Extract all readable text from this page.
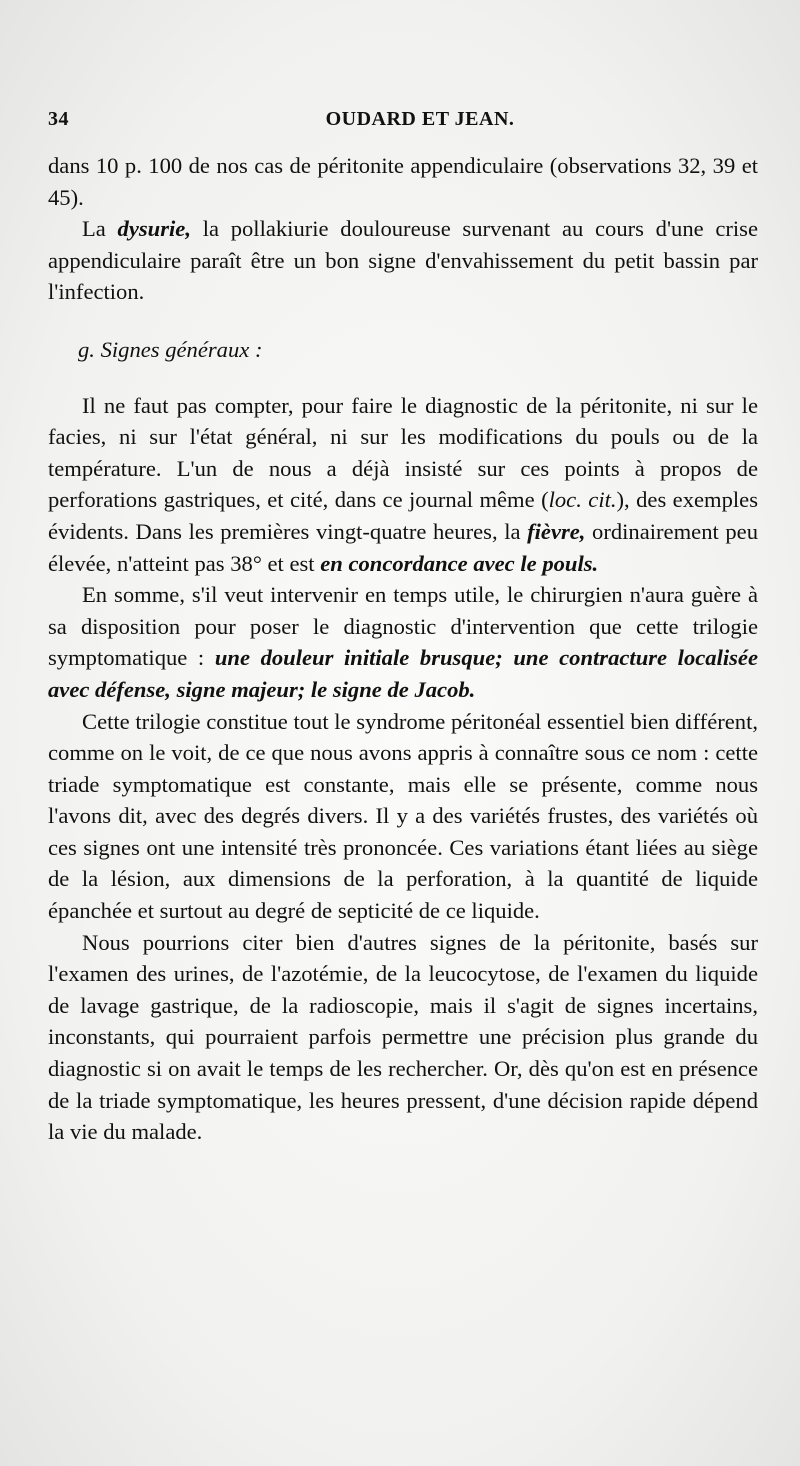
34	OUDARD ET JEAN.

dans 10 p. 100 de nos cas de péritonite appendiculaire (observations 32, 39 et 45).

La dysurie, la pollakiurie douloureuse survenant au cours d'une crise appendiculaire paraît être un bon signe d'envahissement du petit bassin par l'infection.

g. Signes généraux :

Il ne faut pas compter, pour faire le diagnostic de la péritonite, ni sur le facies, ni sur l'état général, ni sur les modifications du pouls ou de la température. L'un de nous a déjà insisté sur ces points à propos de perforations gastriques, et cité, dans ce journal même (loc. cit.), des exemples évidents. Dans les premières vingt-quatre heures, la fièvre, ordinairement peu élevée, n'atteint pas 38° et est en concordance avec le pouls.

En somme, s'il veut intervenir en temps utile, le chirurgien n'aura guère à sa disposition pour poser le diagnostic d'intervention que cette trilogie symptomatique : une douleur initiale brusque; une contracture localisée avec défense, signe majeur; le signe de Jacob.

Cette trilogie constitue tout le syndrome péritonéal essentiel bien différent, comme on le voit, de ce que nous avons appris à connaître sous ce nom : cette triade symptomatique est constante, mais elle se présente, comme nous l'avons dit, avec des degrés divers. Il y a des variétés frustes, des variétés où ces signes ont une intensité très prononcée. Ces variations étant liées au siège de la lésion, aux dimensions de la perforation, à la quantité de liquide épanchée et surtout au degré de septicité de ce liquide.

Nous pourrions citer bien d'autres signes de la péritonite, basés sur l'examen des urines, de l'azotémie, de la leucocytose, de l'examen du liquide de lavage gastrique, de la radioscopie, mais il s'agit de signes incertains, inconstants, qui pourraient parfois permettre une précision plus grande du diagnostic si on avait le temps de les rechercher. Or, dès qu'on est en présence de la triade symptomatique, les heures pressent, d'une décision rapide dépend la vie du malade.
